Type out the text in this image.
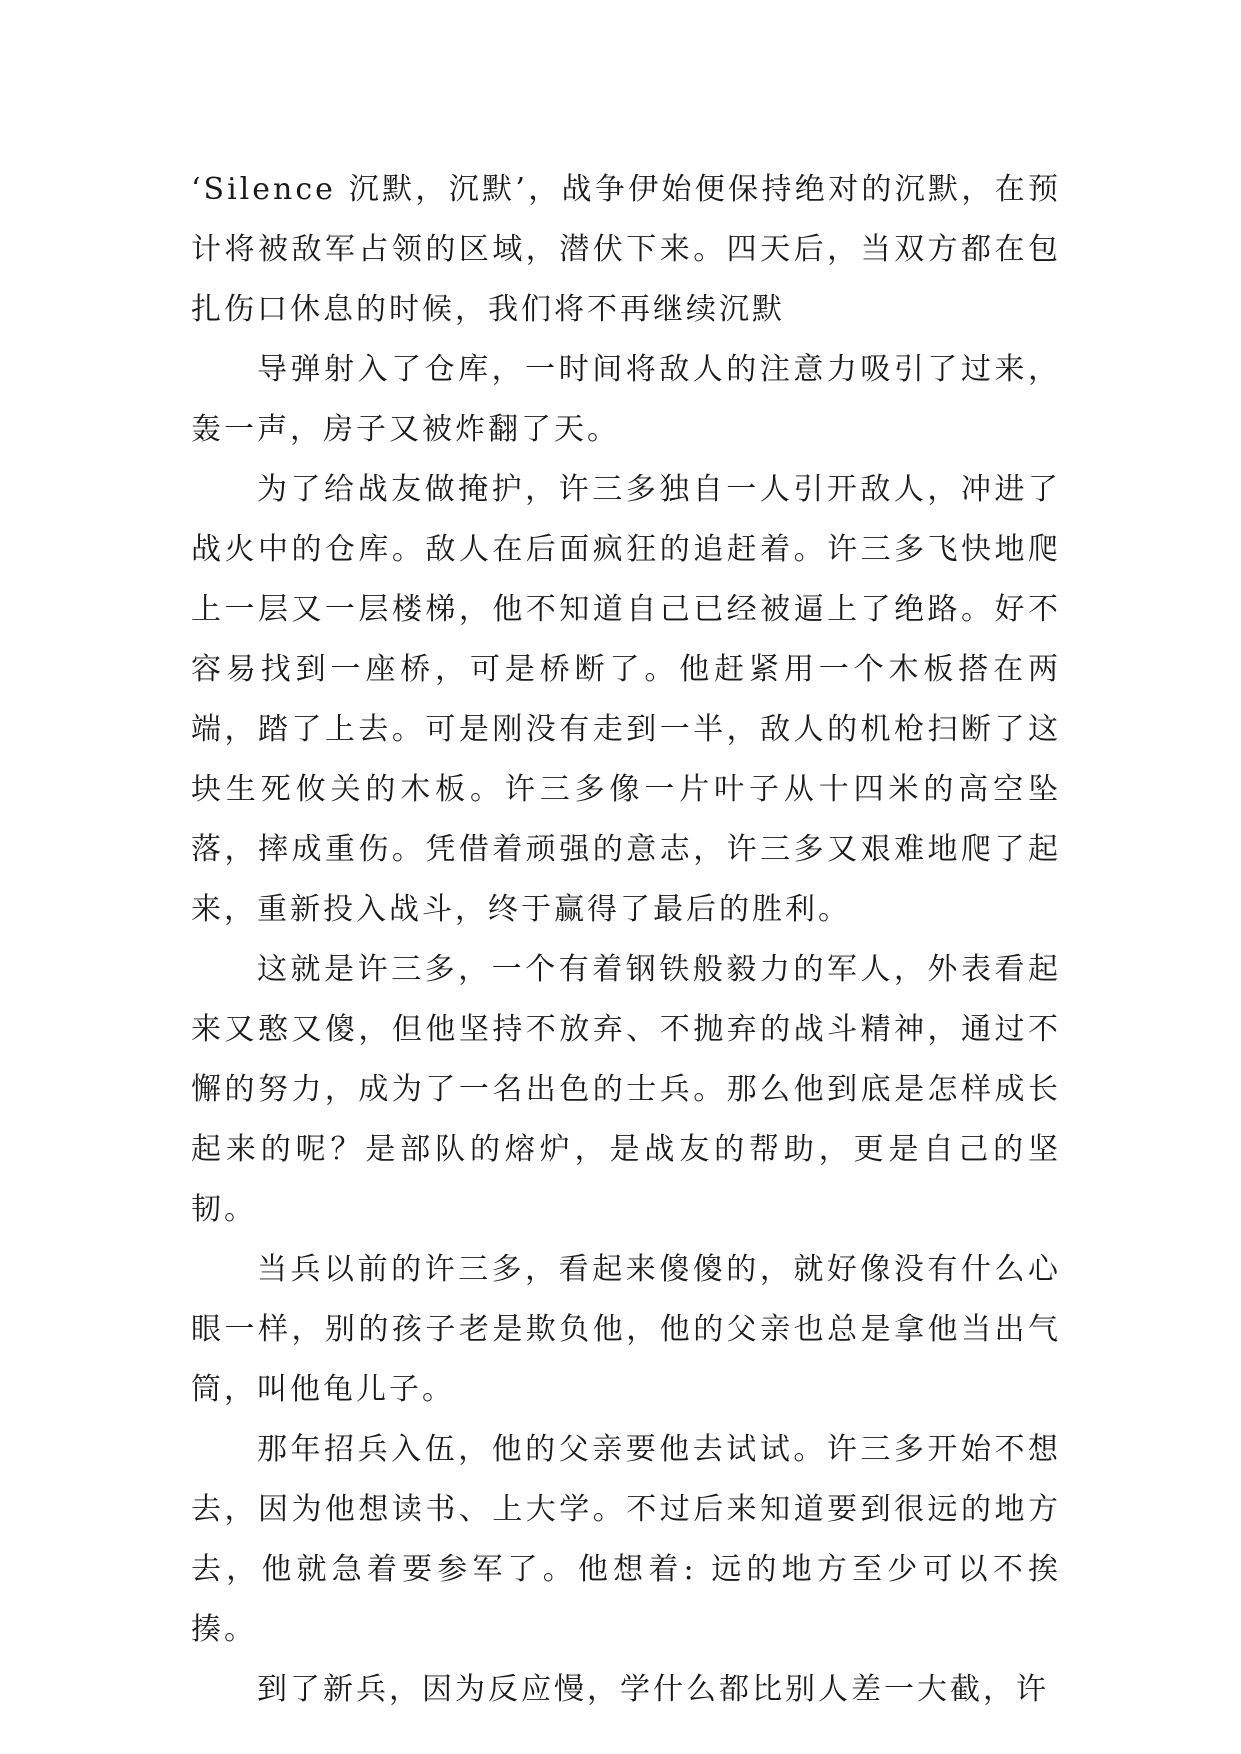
‘Silence 沉默，沉默’，战争伊始便保持绝对的沉默，在预计将被敌军占领的区域，潜伏下来。四天后，当双方都在包扎伤口休息的时候，我们将不再继续沉默

导弹射入了仓库，一时间将敌人的注意力吸引了过来，轰一声，房子又被炸翻了天。

为了给战友做掩护，许三多独自一人引开敌人，冲进了战火中的仓库。敌人在后面疯狂的追赶着。许三多飞快地爬上一层又一层楼梯，他不知道自己已经被逼上了绝路。好不容易找到一座桥，可是桥断了。他赶紧用一个木板搭在两端，踏了上去。可是刚没有走到一半，敌人的机枪扫断了这块生死攸关的木板。许三多像一片叶子从十四米的高空坠落，摔成重伤。凭借着顽强的意志，许三多又艰难地爬了起来，重新投入战斗，终于赢得了最后的胜利。

这就是许三多，一个有着钢铁般毅力的军人，外表看起来又憨又傻，但他坚持不放弃、不抛弃的战斗精神，通过不懈的努力，成为了一名出色的士兵。那么他到底是怎样成长起来的呢？是部队的熔炉，是战友的帮助，更是自己的坚韧。

当兵以前的许三多，看起来傻傻的，就好像没有什么心眼一样，别的孩子老是欺负他，他的父亲也总是拿他当出气筒，叫他龟儿子。

那年招兵入伍，他的父亲要他去试试。许三多开始不想去，因为他想读书、上大学。不过后来知道要到很远的地方去，他就急着要参军了。他想着: 远的地方至少可以不挨揍。

到了新兵，因为反应慢，学什么都比别人差一大截，许
